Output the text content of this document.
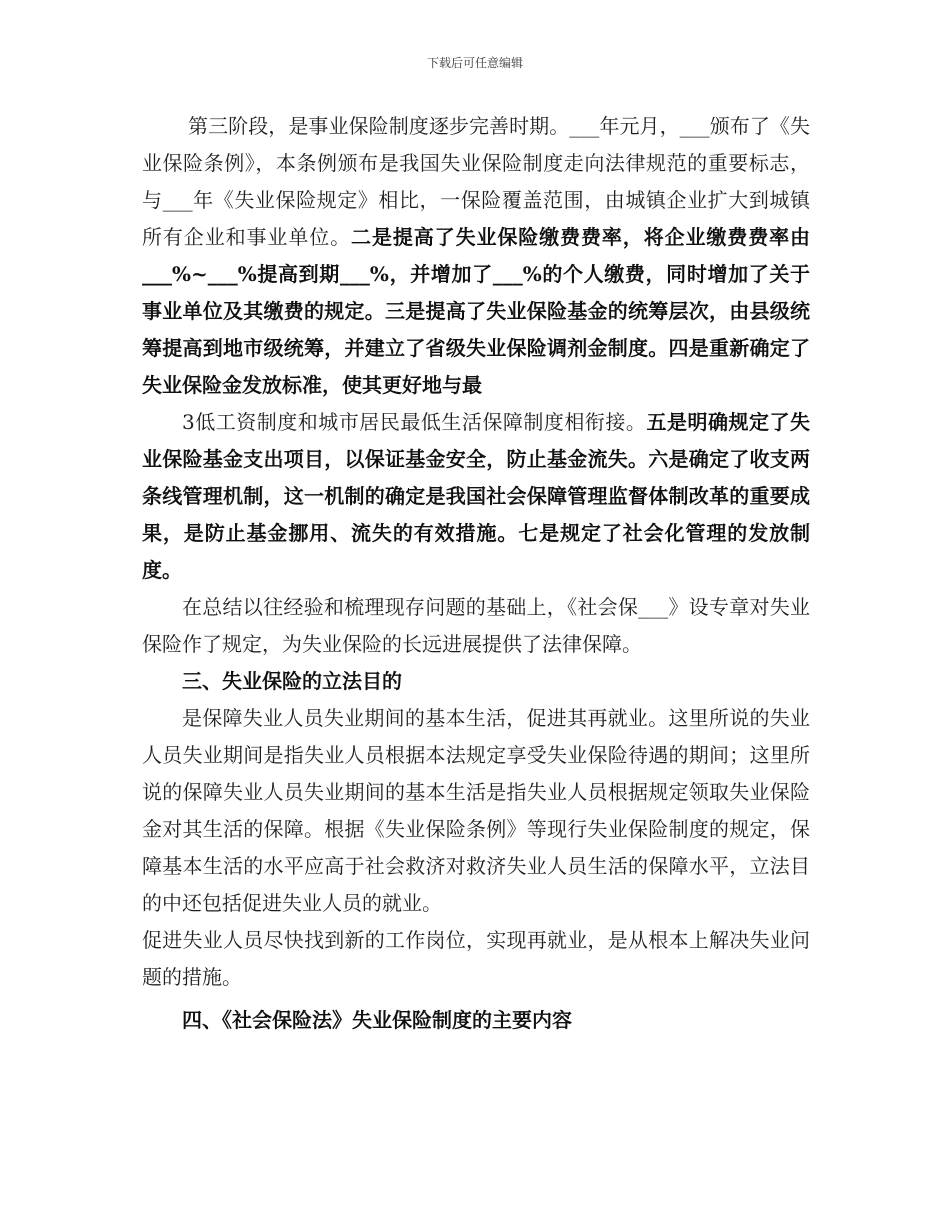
下载后可任意编辑

第三阶段，是事业保险制度逐步完善时期。___年元月，___颁布了《失业保险条例》，本条例颁布是我国失业保险制度走向法律规范的重要标志，与___年《失业保险规定》相比，一保险覆盖范围，由城镇企业扩大到城镇所有企业和事业单位。二是提高了失业保险缴费费率，将企业缴费费率由___%~___%提高到期___%，并增加了___%的个人缴费，同时增加了关于事业单位及其缴费的规定。三是提高了失业保险基金的统筹层次，由县级统筹提高到地市级统筹，并建立了省级失业保险调剂金制度。四是重新确定了失业保险金发放标准，使其更好地与最

3低工资制度和城市居民最低生活保障制度相衔接。五是明确规定了失业保险基金支出项目，以保证基金安全，防止基金流失。六是确定了收支两条线管理机制，这一机制的确定是我国社会保障管理监督体制改革的重要成果，是防止基金挪用、流失的有效措施。七是规定了社会化管理的发放制度。

在总结以往经验和梳理现存问题的基础上，《社会保___》设专章对失业保险作了规定，为失业保险的长远进展提供了法律保障。

三、失业保险的立法目的

是保障失业人员失业期间的基本生活，促进其再就业。这里所说的失业人员失业期间是指失业人员根据本法规定享受失业保险待遇的期间；这里所说的保障失业人员失业期间的基本生活是指失业人员根据规定领取失业保险金对其生活的保障。根据《失业保险条例》等现行失业保险制度的规定，保障基本生活的水平应高于社会救济对救济失业人员生活的保障水平，立法目的中还包括促进失业人员的就业。

促进失业人员尽快找到新的工作岗位，实现再就业，是从根本上解决失业问题的措施。

四、《社会保险法》失业保险制度的主要内容
